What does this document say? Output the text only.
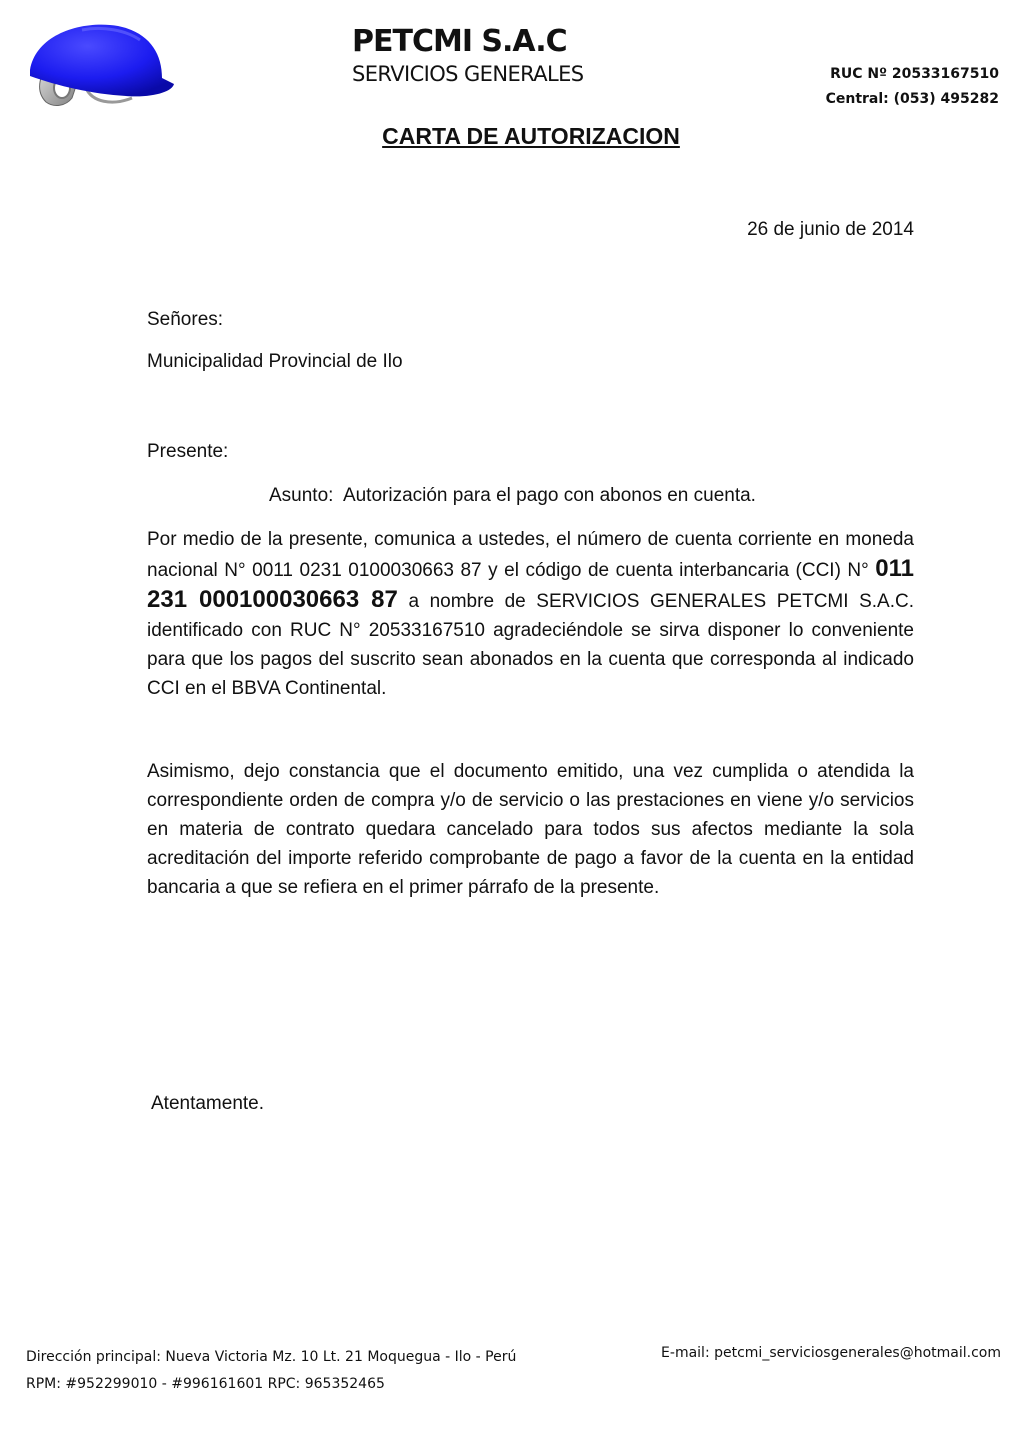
PETCMI S.A.C
SERVICIOS GENERALES	RUC Nº 20533167510
Central: (053) 495282
CARTA DE AUTORIZACION
26 de junio de 2014
Señores:
Municipalidad Provincial de Ilo
Presente:
Asunto:  Autorización para el pago con abonos en cuenta.
Por medio de la presente, comunica a ustedes, el número de cuenta corriente en moneda nacional N° 0011 0231 0100030663 87 y el código de cuenta interbancaria (CCI) N° 011 231 000100030663 87 a nombre de SERVICIOS GENERALES PETCMI S.A.C. identificado con RUC N° 20533167510 agradeciéndole se sirva disponer lo conveniente para que los pagos del suscrito sean abonados en la cuenta que corresponda al indicado CCI en el BBVA Continental.
Asimismo, dejo constancia que el documento emitido, una vez cumplida o atendida la correspondiente orden de compra y/o de servicio o las prestaciones en viene y/o servicios en materia de contrato quedara cancelado para todos sus afectos mediante la sola acreditación del importe referido comprobante de pago a favor de la cuenta en la entidad bancaria a que se refiera en el primer párrafo de la presente.
Atentamente.
Dirección principal: Nueva Victoria Mz. 10 Lt. 21 Moquegua - Ilo - Perú
RPM: #952299010 - #996161601 RPC: 965352465
E-mail: petcmi_serviciosgenerales@hotmail.com
